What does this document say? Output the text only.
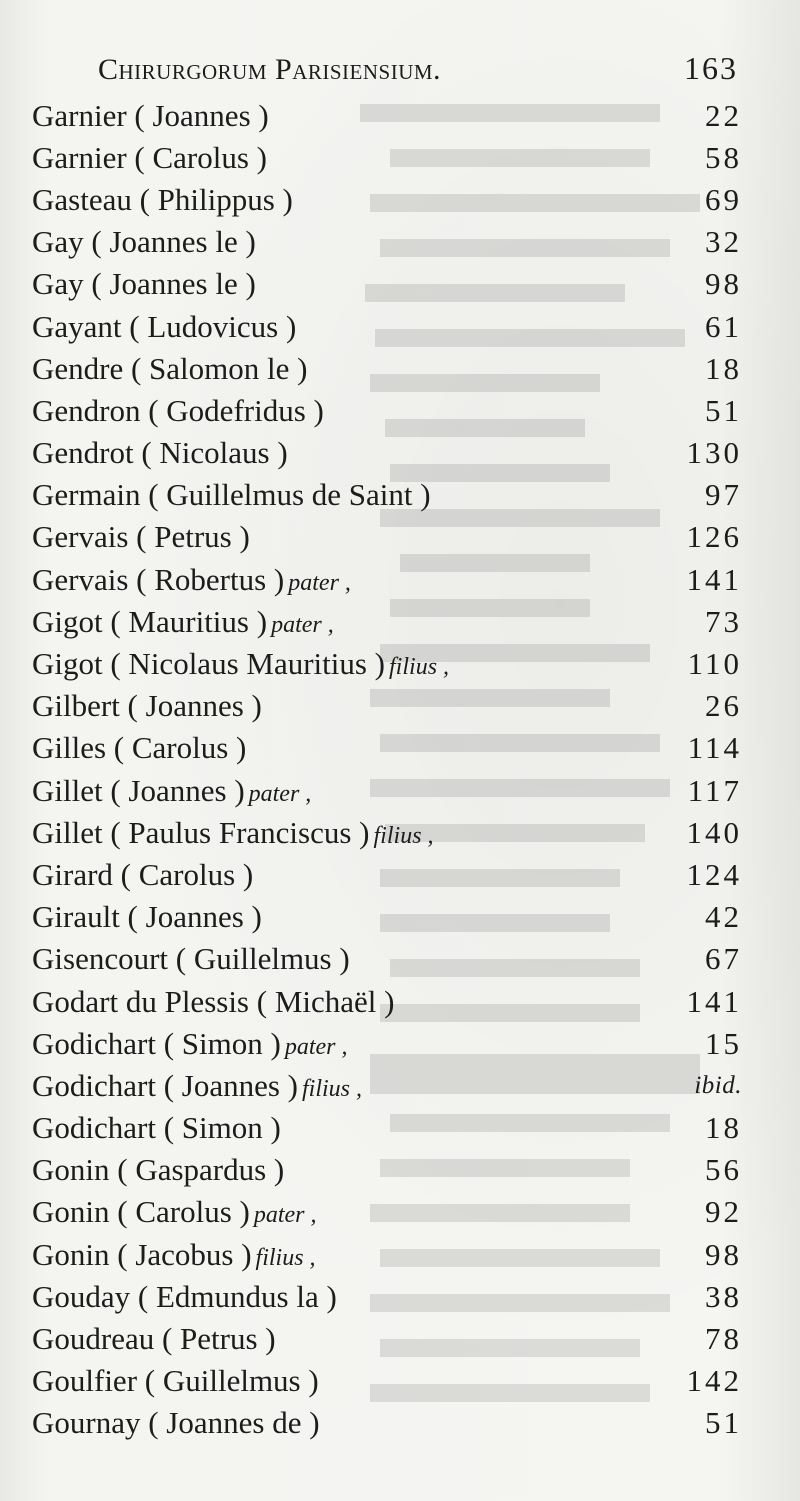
Chirurgorum Parisiensium.	163
Garnier ( Joannes )	22
Garnier ( Carolus )	58
Gasteau ( Philippus )	69
Gay ( Joannes le )	32
Gay ( Joannes le )	98
Gayant ( Ludovicus )	61
Gendre ( Salomon le )	18
Gendron ( Godefridus )	51
Gendrot ( Nicolaus )	130
Germain ( Guillelmus de Saint )	97
Gervais ( Petrus )	126
Gervais ( Robertus ) pater ,	141
Gigot ( Mauritius ) pater ,	73
Gigot ( Nicolaus Mauritius ) filius ,	110
Gilbert ( Joannes )	26
Gilles ( Carolus )	114
Gillet ( Joannes ) pater ,	117
Gillet ( Paulus Franciscus ) filius ,	140
Girard ( Carolus )	124
Girault ( Joannes )	42
Gisencourt ( Guillelmus )	67
Godart du Plessis ( Michaël )	141
Godichart ( Simon ) pater ,	15
Godichart ( Joannes ) filius ,	ibid.
Godichart ( Simon )	18
Gonin ( Gaspardus )	56
Gonin ( Carolus ) pater ,	92
Gonin ( Jacobus ) filius ,	98
Gouday ( Edmundus la )	38
Goudreau ( Petrus )	78
Goulfier ( Guillelmus )	142
Gournay ( Joannes de )	51
